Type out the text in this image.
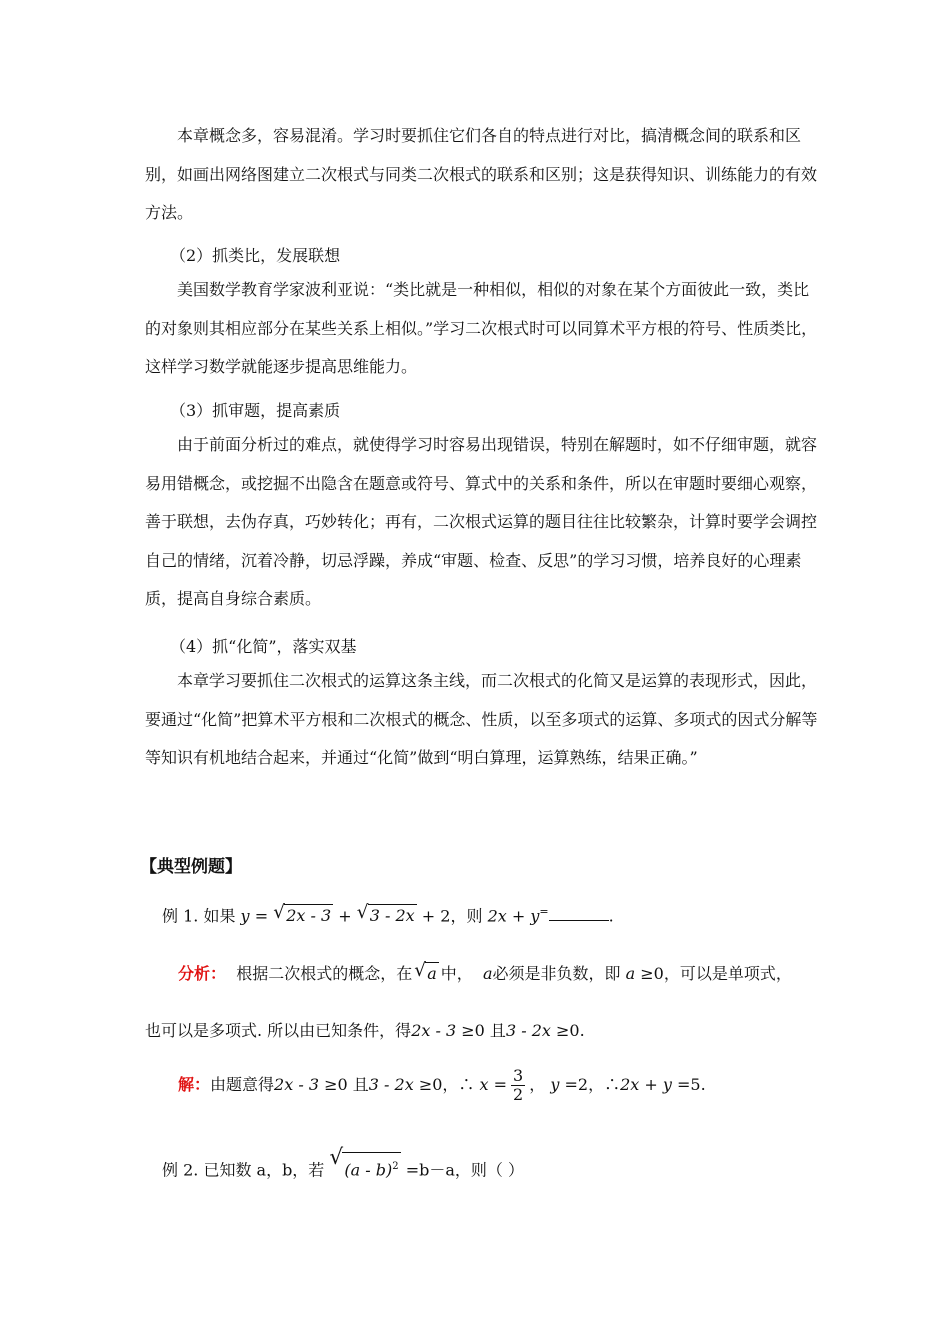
本章概念多，容易混淆。学习时要抓住它们各自的特点进行对比，搞清概念间的联系和区别，如画出网络图建立二次根式与同类二次根式的联系和区别；这是获得知识、训练能力的有效方法。

（2）抓类比，发展联想

美国数学教育学家波利亚说：“类比就是一种相似，相似的对象在某个方面彼此一致，类比的对象则其相应部分在某些关系上相似。”学习二次根式时可以同算术平方根的符号、性质类比，这样学习数学就能逐步提高思维能力。

（3）抓审题，提高素质

由于前面分析过的难点，就使得学习时容易出现错误，特别在解题时，如不仔细审题，就容易用错概念，或挖掘不出隐含在题意或符号、算式中的关系和条件，所以在审题时要细心观察，善于联想，去伪存真，巧妙转化；再有，二次根式运算的题目往往比较繁杂，计算时要学会调控自己的情绪，沉着冷静，切忌浮躁，养成“审题、检查、反思”的学习习惯，培养良好的心理素质，提高自身综合素质。

（4）抓“化简”，落实双基

本章学习要抓住二次根式的运算这条主线，而二次根式的化简又是运算的表现形式，因此，要通过“化简”把算术平方根和二次根式的概念、性质，以至多项式的运算、多项式的因式分解等等知识有机地结合起来，并通过“化简”做到“明白算理，运算熟练，结果正确。”

【典型例题】
例 1. 如果 y = √ 2x - 3 + √ 3 - 2x + 2，则 2x + y=	.
分析： 根据二次根式的概念，在 √ a 中， a必须是非负数，即 a ≥0，可以是单项式，
也可以是多项式. 所以由已知条件，得2x - 3 ≥0 且3 - 2x ≥0.
解：由题意得2x - 3 ≥0 且3 - 2x ≥0，∴ $x = \frac{3}{2}$ ， y =2，∴2x + y =5.
例 2. 已知数 a，b，若 √ (a - b)$^2$ =b－a，则（ ）
